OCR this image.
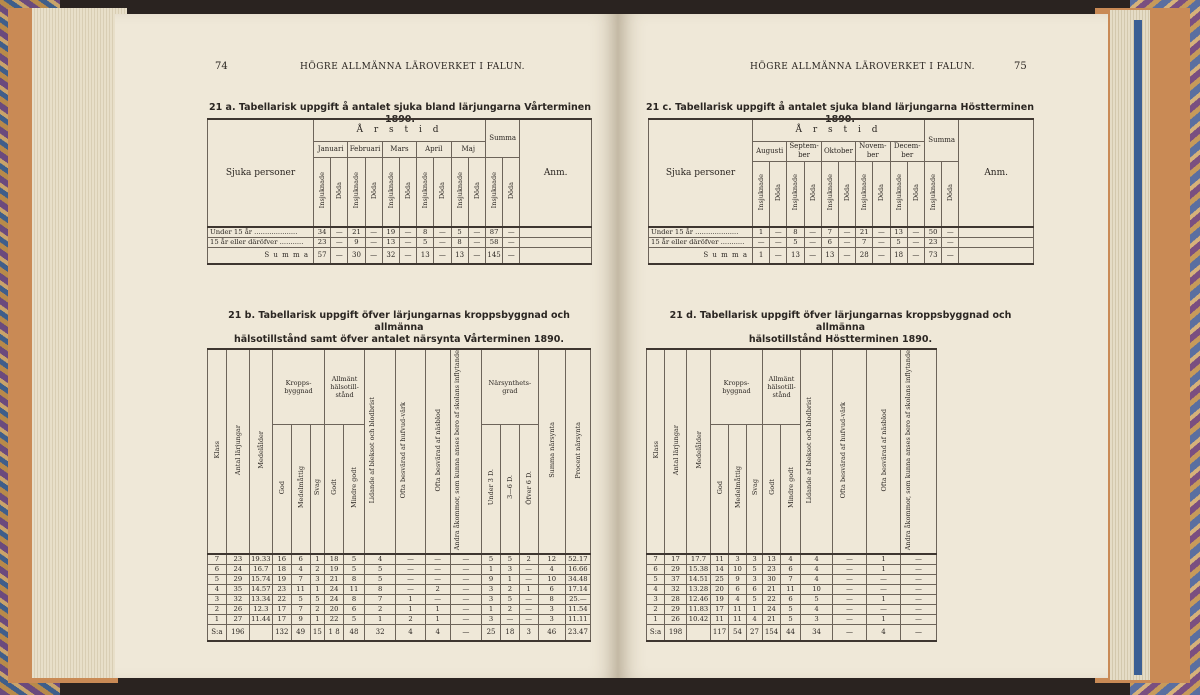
74	HÖGRE ALLMÄNNA LÄROVERKET I FALUN.
21 a. Tabellarisk uppgift å antalet sjuka bland lärjungarna Vårterminen 1890.
Sjuka personer	Å r s t i d										Summa		Anm.
	Januari		Februari		Mars		April		Maj				
	Insjuknade	Döda	Insjuknade	Döda	Insjuknade	Döda	Insjuknade	Döda	Insjuknade	Döda	Insjuknade	Döda	
Under 15 år ....................	34	—	21	—	19	—	8	—	5	—	87	—	
15 år eller däröfver ...........	23	—	9	—	13	—	5	—	8	—	58	—	
S u m m a	57	—	30	—	32	—	13	—	13	—	145	—	
21 b. Tabellarisk uppgift öfver lärjungarnas kroppsbyggnad och allmänna
hälsotillstånd samt öfver antalet närsynta Vårterminen 1890.
Klass	Antal lärjungar	Medelålder	Kropps-byggnad			Allmänt hälsotill-stånd		Lidande af bleksot och blodbrist	Ofta besvärad af hufvud-värk	Ofta besvärad af näsblod	Andra åkommor, som kunna anses bero af skolans inflytande	Närsynthets-grad			Summa närsynta	Procent närsynta
			God	Medelmåttig	Svag	Godt	Mindre godt					Under 3 D.	3—6 D.	Öfver 6 D.		
7	23	19.33	16	6	1	18	5	4	—	—	—	5	5	2	12	52.17
6	24	16.7	18	4	2	19	5	5	—	—	—	1	3	—	4	16.66
5	29	15.74	19	7	3	21	8	5	—	—	—	9	1	—	10	34.48
4	35	14.57	23	11	1	24	11	8	—	2	—	3	2	1	6	17.14
3	32	13.34	22	5	5	24	8	7	1	—	—	3	5	—	8	25.—
2	26	12.3	17	7	2	20	6	2	1	1	—	1	2	—	3	11.54
1	27	11.44	17	9	1	22	5	1	2	1	—	3	—	—	3	11.11
S:a	196		132	49	15	1 8	48	32	4	4	—	25	18	3	46	23.47
HÖGRE ALLMÄNNA LÄROVERKET I FALUN.	75
21 c. Tabellarisk uppgift å antalet sjuka bland lärjungarna Höstterminen 1890.
Sjuka personer	Å r s t i d										Summa		Anm.
	Augusti		Septem-ber		Oktober		Novem-ber		Decem-ber				
	Insjuknade	Döda	Insjuknade	Döda	Insjuknade	Döda	Insjuknade	Döda	Insjuknade	Döda	Insjuknade	Döda	
Under 15 år ....................	1	—	8	—	7	—	21	—	13	—	50	—	
15 år eller däröfver ...........	—	—	5	—	6	—	7	—	5	—	23	—	
S u m m a	1	—	13	—	13	—	28	—	18	—	73	—	
21 d. Tabellarisk uppgift öfver lärjungarnas kroppsbyggnad och allmänna
hälsotillstånd Höstterminen 1890.
Klass	Antal lärjungar	Medelålder	Kropps-byggnad			Allmänt hälsotill-stånd		Lidande af bleksot och blodbrist	Ofta besvärad af hufvud-värk	Ofta besvärad af näsblod	Andra åkommor, som kunna anses bero af skolans inflytande
			God	Medelmåttig	Svag	Godt	Mindre godt				
7	17	17.7	11	3	3	13	4	4	—	1	—
6	29	15.38	14	10	5	23	6	4	—	1	—
5	37	14.51	25	9	3	30	7	4	—	—	—
4	32	13.28	20	6	6	21	11	10	—	—	—
3	28	12.46	19	4	5	22	6	5	—	1	—
2	29	11.83	17	11	1	24	5	4	—	—	—
1	26	10.42	11	11	4	21	5	3	—	1	—
S:a	198		117	54	27	154	44	34	—	4	—
